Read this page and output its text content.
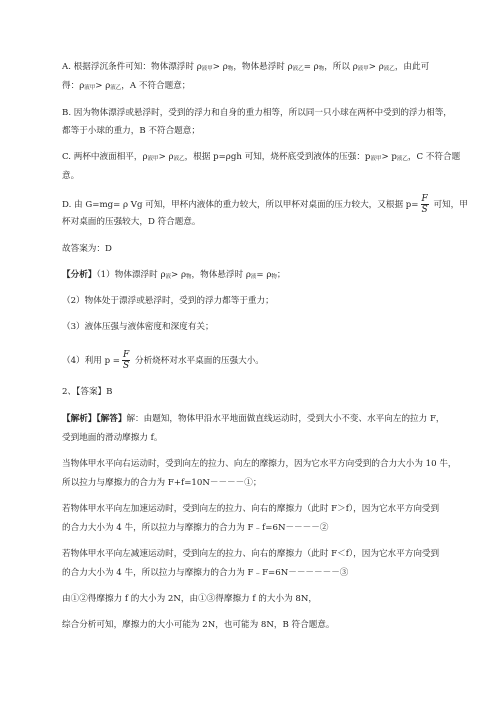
A. 根据浮沉条件可知：物体漂浮时 ρ液甲> ρ物，物体悬浮时 ρ液乙= ρ物，所以 ρ液甲> ρ液乙，由此可
得：ρ液甲> ρ液乙，A 不符合题意；
B. 因为物体漂浮或悬浮时，受到的浮力和自身的重力相等，所以同一只小球在两杯中受到的浮力相等，
都等于小球的重力，B 不符合题意；
C. 两杯中液面相平，ρ液甲> ρ液乙，根据 p=ρgh 可知，烧杯底受到液体的压强：p液甲> p液乙，C 不符合题
意。
D. 由 G=mg= ρ Vg 可知，甲杯内液体的重力较大，所以甲杯对桌面的压力较大，又根据 $p= \frac{F}{S}$ 可知，甲
杯对桌面的压强较大，D 符合题意。
故答案为：D
【分析】（1）物体漂浮时 ρ液> ρ物，物体悬浮时 ρ液= ρ物；
（2）物体处于漂浮或悬浮时，受到的浮力都等于重力；
（3）液体压强与液体密度和深度有关；
（4）利用 $p = \frac{F}{S}$ 分析烧杯对水平桌面的压强大小。
2、【答案】B
【解析】【解答】解：由题知，物体甲沿水平地面做直线运动时，受到大小不变、水平向左的拉力 F，
受到地面的滑动摩擦力 f。
当物体甲水平向右运动时，受到向左的拉力、向左的摩擦力，因为它水平方向受到的合力大小为 10 牛，
所以拉力与摩擦力的合力为 F+f=10N－－－－①；
若物体甲水平向左加速运动时，受到向左的拉力、向右的摩擦力（此时 F＞f），因为它水平方向受到
的合力大小为 4 牛，所以拉力与摩擦力的合力为 F﹣f=6N－－－－②
若物体甲水平向左减速运动时，受到向左的拉力、向右的摩擦力（此时 F＜f），因为它水平方向受到
的合力大小为 4 牛，所以拉力与摩擦力的合力为 F﹣F=6N－－－－－－③
由①②得摩擦力 f 的大小为 2N，由①③得摩擦力 f 的大小为 8N，
综合分析可知，摩擦力的大小可能为 2N，也可能为 8N，B 符合题意。
